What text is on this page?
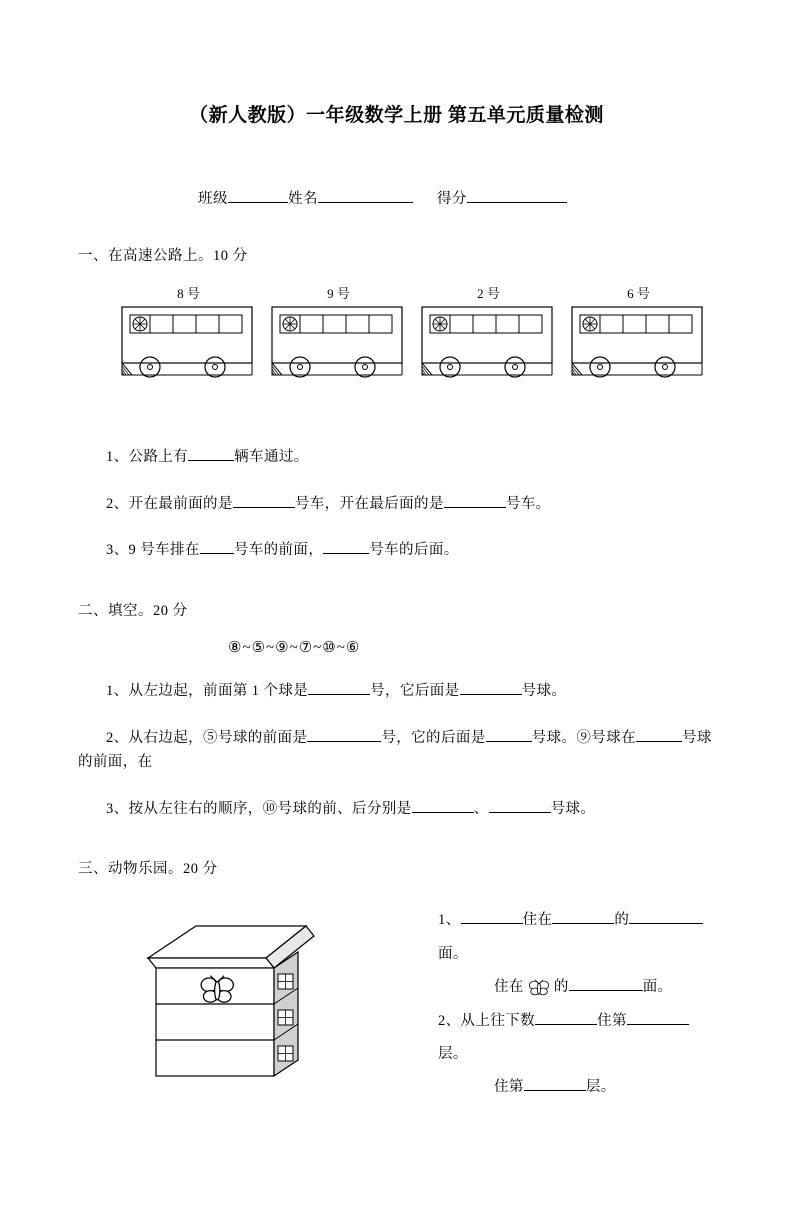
（新人教版）一年级数学上册 第五单元质量检测
班级	姓名	得分
一、在高速公路上。10 分
8 号	9 号	2 号	6 号
1、公路上有	辆车通过。
2、开在最前面的是	号车，开在最后面的是	号车。
3、9 号车排在 号车的前面，	号车的后面。
二、填空。20 分
⑧~⑤~⑨~⑦~⑩~⑥
1、从左边起，前面第 1 个球是	号，它后面是	号球。
2、从右边起，⑤号球的前面是	号，它的后面是	号球。⑨号球在	号球的前面，在
3、按从左往右的顺序，⑩号球的前、后分别是	、	号球。
三、动物乐园。20 分
1、	住在	的面。
住在 的	面。
2、从上往下数	住第层。
住第	层。
